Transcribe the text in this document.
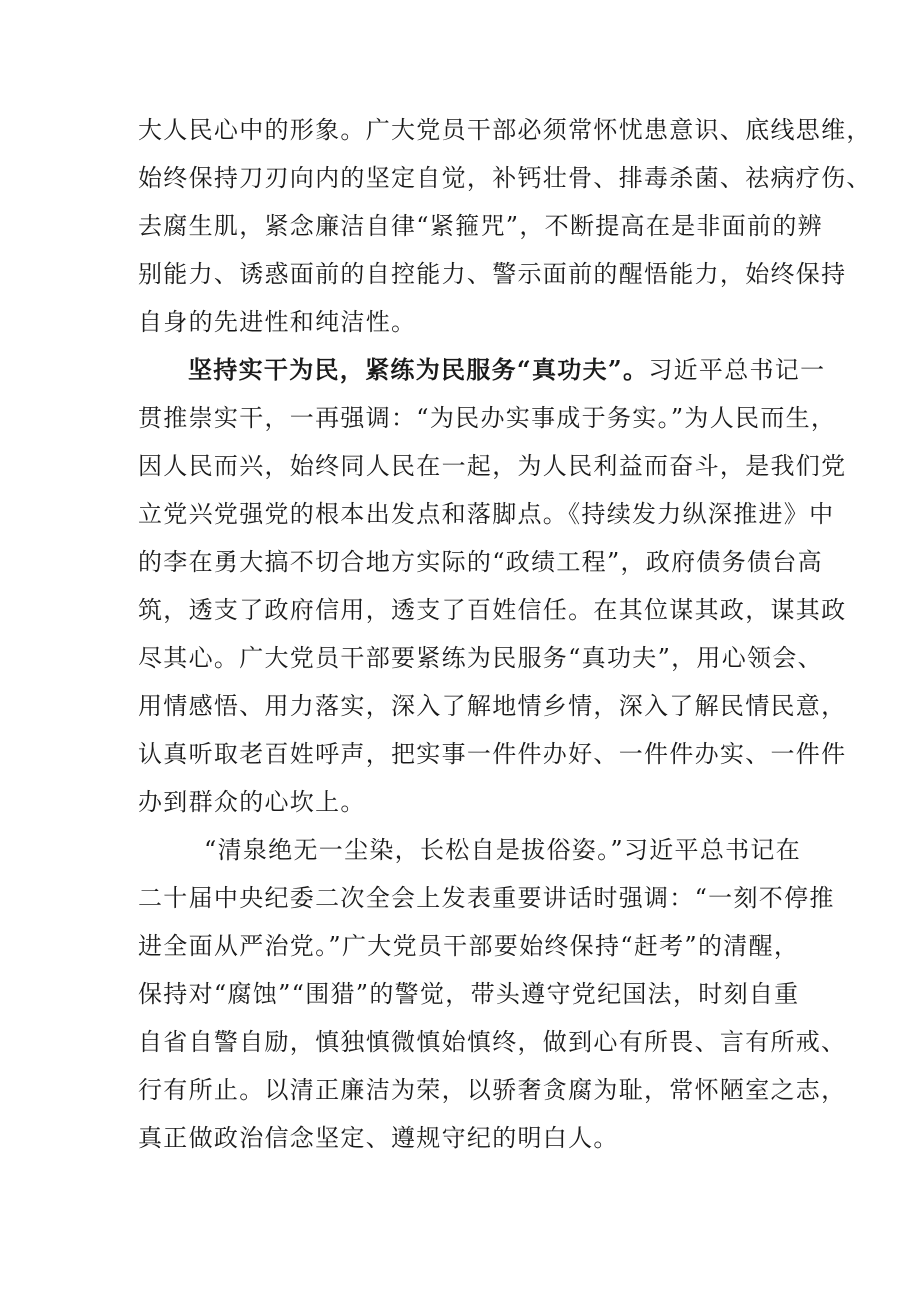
大人民心中的形象。广大党员干部必须常怀忧患意识、底线思维，
始终保持刀刃向内的坚定自觉，补钙壮骨、排毒杀菌、祛病疗伤、
去腐生肌，紧念廉洁自律“紧箍咒”，不断提高在是非面前的辨
别能力、诱惑面前的自控能力、警示面前的醒悟能力，始终保持
自身的先进性和纯洁性。
坚持实干为民，紧练为民服务“真功夫”。习近平总书记一
贯推崇实干，一再强调：“为民办实事成于务实。”为人民而生，
因人民而兴，始终同人民在一起，为人民利益而奋斗，是我们党
立党兴党强党的根本出发点和落脚点。《持续发力纵深推进》中
的李在勇大搞不切合地方实际的“政绩工程”，政府债务债台高
筑，透支了政府信用，透支了百姓信任。在其位谋其政，谋其政
尽其心。广大党员干部要紧练为民服务“真功夫”，用心领会、
用情感悟、用力落实，深入了解地情乡情，深入了解民情民意，
认真听取老百姓呼声，把实事一件件办好、一件件办实、一件件
办到群众的心坎上。
“清泉绝无一尘染，长松自是拔俗姿。”习近平总书记在
二十届中央纪委二次全会上发表重要讲话时强调：“一刻不停推
进全面从严治党。”广大党员干部要始终保持“赶考”的清醒，
保持对“腐蚀”“围猎”的警觉，带头遵守党纪国法，时刻自重
自省自警自励，慎独慎微慎始慎终，做到心有所畏、言有所戒、
行有所止。以清正廉洁为荣，以骄奢贪腐为耻，常怀陋室之志，
真正做政治信念坚定、遵规守纪的明白人。
